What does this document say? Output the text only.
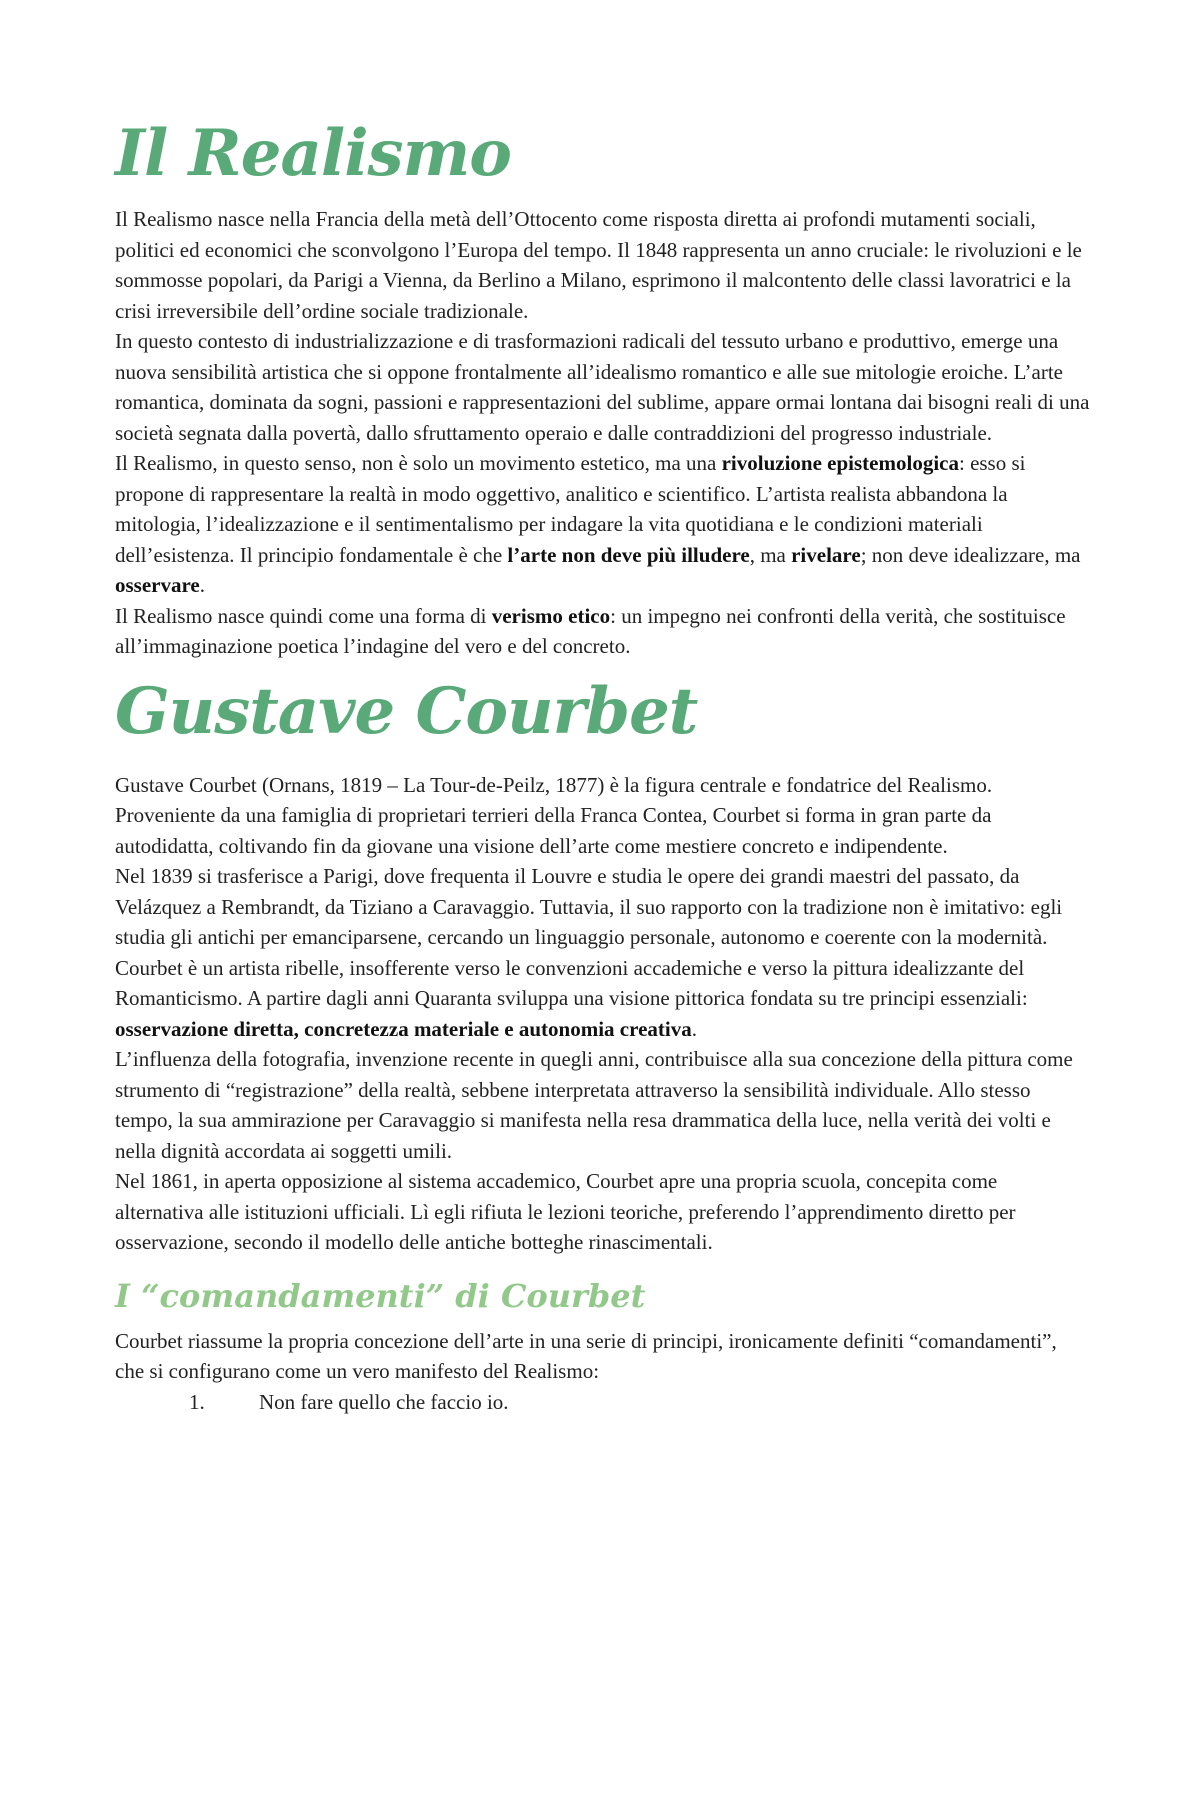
Il Realismo

Il Realismo nasce nella Francia della metà dell’Ottocento come risposta diretta ai profondi mutamenti sociali, politici ed economici che sconvolgono l’Europa del tempo. Il 1848 rappresenta un anno cruciale: le rivoluzioni e le sommosse popolari, da Parigi a Vienna, da Berlino a Milano, esprimono il malcontento delle classi lavoratrici e la crisi irreversibile dell’ordine sociale tradizionale.

In questo contesto di industrializzazione e di trasformazioni radicali del tessuto urbano e produttivo, emerge una nuova sensibilità artistica che si oppone frontalmente all’idealismo romantico e alle sue mitologie eroiche. L’arte romantica, dominata da sogni, passioni e rappresentazioni del sublime, appare ormai lontana dai bisogni reali di una società segnata dalla povertà, dallo sfruttamento operaio e dalle contraddizioni del progresso industriale.

Il Realismo, in questo senso, non è solo un movimento estetico, ma una rivoluzione epistemologica: esso si propone di rappresentare la realtà in modo oggettivo, analitico e scientifico. L’artista realista abbandona la mitologia, l’idealizzazione e il sentimentalismo per indagare la vita quotidiana e le condizioni materiali dell’esistenza. Il principio fondamentale è che l’arte non deve più illudere, ma rivelare; non deve idealizzare, ma osservare.

Il Realismo nasce quindi come una forma di verismo etico: un impegno nei confronti della verità, che sostituisce all’immaginazione poetica l’indagine del vero e del concreto.

Gustave Courbet

Gustave Courbet (Ornans, 1819 – La Tour-de-Peilz, 1877) è la figura centrale e fondatrice del Realismo. Proveniente da una famiglia di proprietari terrieri della Franca Contea, Courbet si forma in gran parte da autodidatta, coltivando fin da giovane una visione dell’arte come mestiere concreto e indipendente.

Nel 1839 si trasferisce a Parigi, dove frequenta il Louvre e studia le opere dei grandi maestri del passato, da Velázquez a Rembrandt, da Tiziano a Caravaggio. Tuttavia, il suo rapporto con la tradizione non è imitativo: egli studia gli antichi per emanciparsene, cercando un linguaggio personale, autonomo e coerente con la modernità.

Courbet è un artista ribelle, insofferente verso le convenzioni accademiche e verso la pittura idealizzante del Romanticismo. A partire dagli anni Quaranta sviluppa una visione pittorica fondata su tre principi essenziali: osservazione diretta, concretezza materiale e autonomia creativa.

L’influenza della fotografia, invenzione recente in quegli anni, contribuisce alla sua concezione della pittura come strumento di “registrazione” della realtà, sebbene interpretata attraverso la sensibilità individuale. Allo stesso tempo, la sua ammirazione per Caravaggio si manifesta nella resa drammatica della luce, nella verità dei volti e nella dignità accordata ai soggetti umili.

Nel 1861, in aperta opposizione al sistema accademico, Courbet apre una propria scuola, concepita come alternativa alle istituzioni ufficiali. Lì egli rifiuta le lezioni teoriche, preferendo l’apprendimento diretto per osservazione, secondo il modello delle antiche botteghe rinascimentali.

I “comandamenti” di Courbet

Courbet riassume la propria concezione dell’arte in una serie di principi, ironicamente definiti “comandamenti”, che si configurano come un vero manifesto del Realismo:

1.	Non fare quello che faccio io.
